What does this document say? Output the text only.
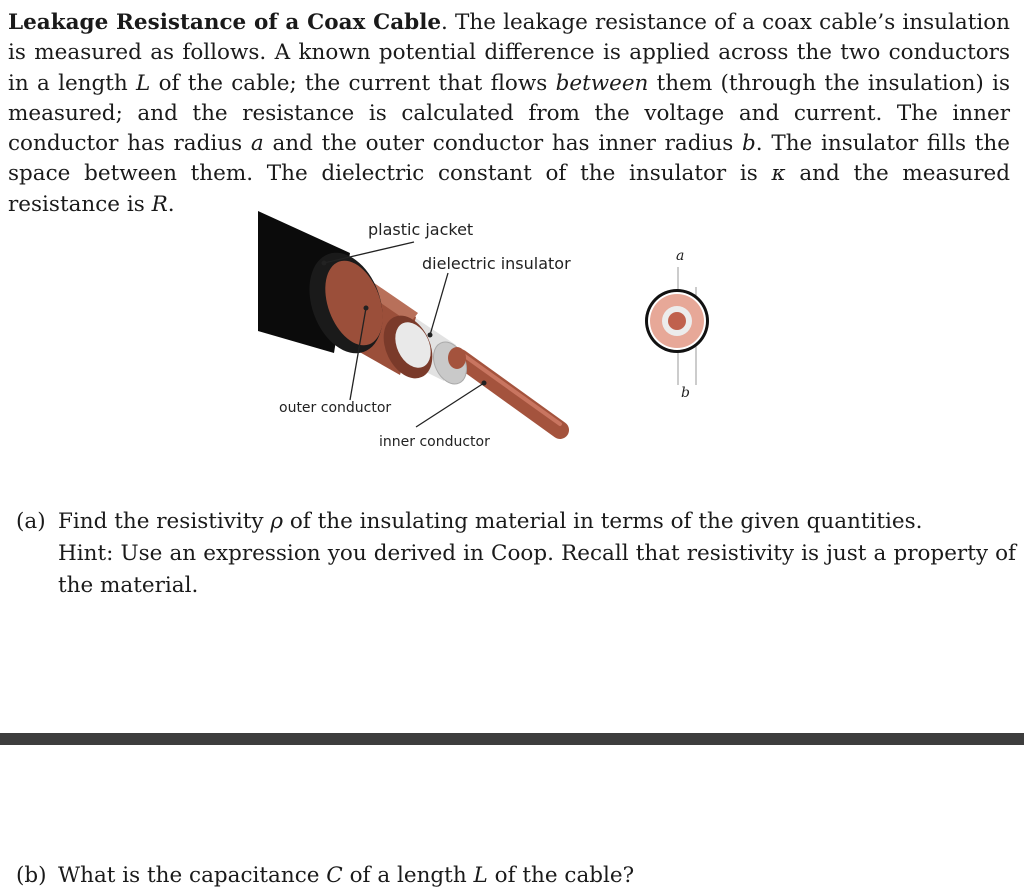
Leakage Resistance of a Coax Cable. The leakage resistance of a coax cable’s insulation is measured as follows. A known potential difference is applied across the two conductors in a length L of the cable; the current that flows between them (through the insulation) is measured; and the resistance is calculated from the voltage and current. The inner conductor has radius a and the outer conductor has inner radius b. The insulator fills the space between them. The dielectric constant of the insulator is κ and the measured resistance is R.
plastic jacket
dielectric insulator
outer conductor
inner conductor
a
b
(a) Find the resistivity ρ of the insulating material in terms of the given quantities.
Hint: Use an expression you derived in Coop. Recall that resistivity is just a property of the material.
(b) What is the capacitance C of a length L of the cable?
